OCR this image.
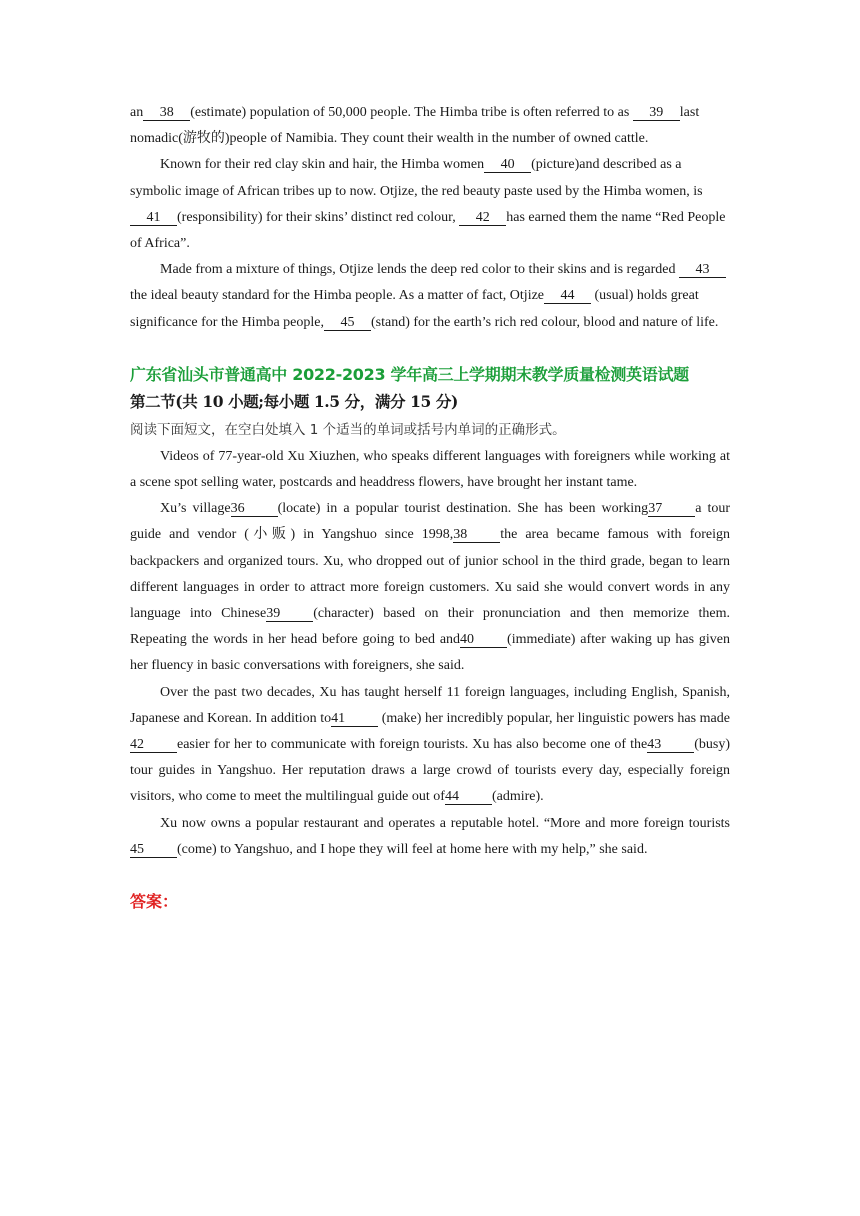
an 38 (estimate) population of 50,000 people. The Himba tribe is often referred to as 39 last nomadic(游牧的)people of Namibia. They count their wealth in the number of owned cattle.

Known for their red clay skin and hair, the Himba women 40 (picture)and described as a symbolic image of African tribes up to now. Otjize, the red beauty paste used by the Himba women, is41 (responsibility) for their skins’ distinct red colour, 42 has earned them the name “Red People of Africa”.

Made from a mixture of things, Otjize lends the deep red color to their skins and is regarded 43the ideal beauty standard for the Himba people. As a matter of fact, Otjize 44 (usual) holds great significance for the Himba people, 45 (stand) for the earth’s rich red colour, blood and nature of life.

广东省汕头市普通高中 2022-2023 学年高三上学期期末教学质量检测英语试题

第二节(共 10 小题;每小题 1.5 分，满分 15 分)

阅读下面短文，在空白处填入 1 个适当的单词或括号内单词的正确形式。

Videos of 77-year-old Xu Xiuzhen, who speaks different languages with foreigners while working at a scene spot selling water, postcards and headdress flowers, have brought her instant tame.

Xu’s village36 (locate) in a popular tourist destination. She has been working37 a tour guide and vendor (小贩) in Yangshuo since 1998,38 the area became famous with foreign backpackers and organized tours. Xu, who dropped out of junior school in the third grade, began to learn different languages in order to attract more foreign customers. Xu said she would convert words in any language into Chinese39 (character) based on their pronunciation and then memorize them. Repeating the words in her head before going to bed and40 (immediate) after waking up has given her fluency in basic conversations with foreigners, she said.

Over the past two decades, Xu has taught herself 11 foreign languages, including English, Spanish, Japanese and Korean. In addition to41 (make) her incredibly popular, her linguistic powers has made42 easier for her to communicate with foreign tourists. Xu has also become one of the43 (busy) tour guides in Yangshuo. Her reputation draws a large crowd of tourists every day, especially foreign visitors, who come to meet the multilingual guide out of44 (admire).

Xu now owns a popular restaurant and operates a reputable hotel. “More and more foreign tourists45 (come) to Yangshuo, and I hope they will feel at home here with my help,” she said.

答案：
